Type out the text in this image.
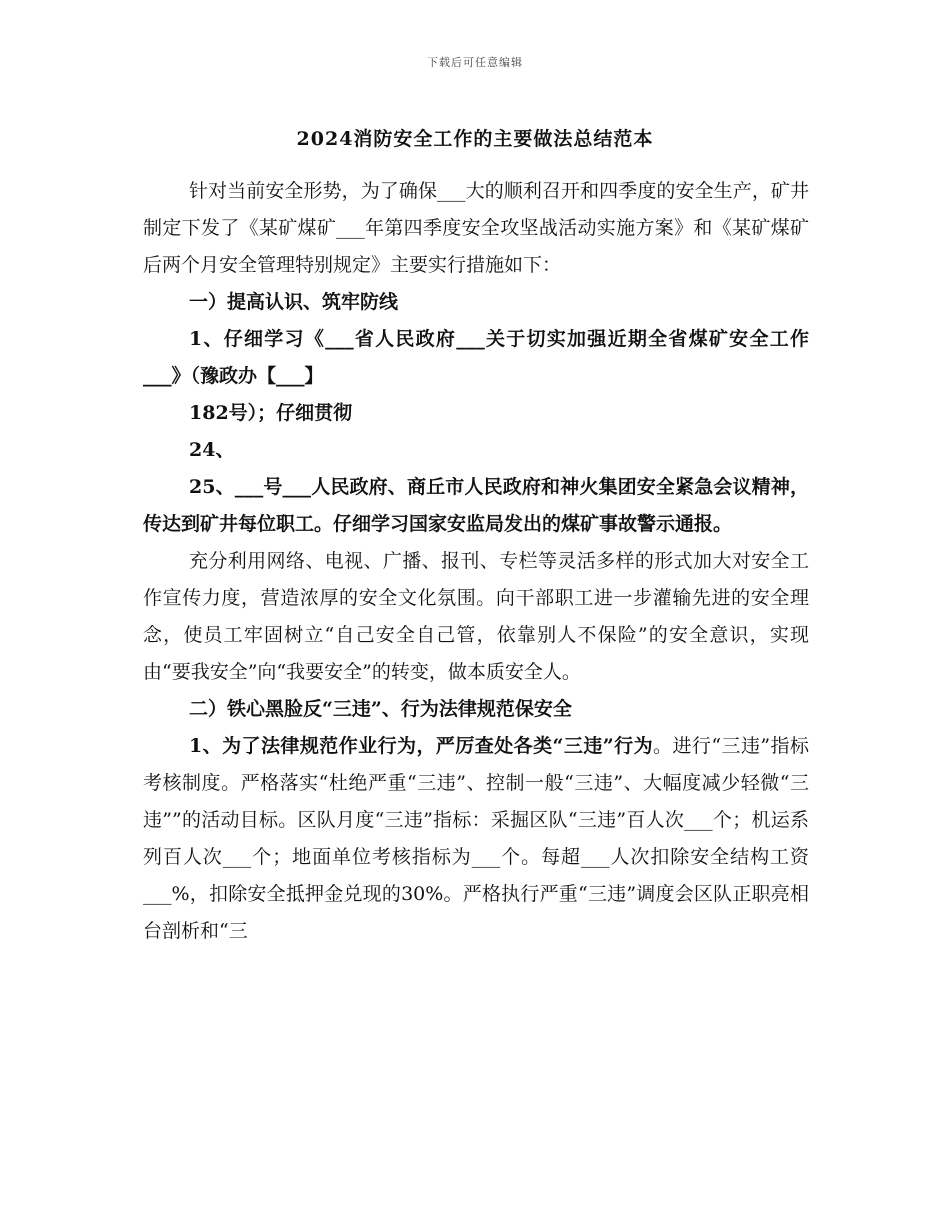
下载后可任意编辑
2024消防安全工作的主要做法总结范本

针对当前安全形势，为了确保___大的顺利召开和四季度的安全生产，矿井制定下发了《某矿煤矿___年第四季度安全攻坚战活动实施方案》和《某矿煤矿后两个月安全管理特别规定》主要实行措施如下：

一）提高认识、筑牢防线

1、仔细学习《___省人民政府___关于切实加强近期全省煤矿安全工作___》（豫政办【___】

182号）；仔细贯彻

24、

25、___号___人民政府、商丘市人民政府和神火集团安全紧急会议精神，传达到矿井每位职工。仔细学习国家安监局发出的煤矿事故警示通报。

充分利用网络、电视、广播、报刊、专栏等灵活多样的形式加大对安全工作宣传力度，营造浓厚的安全文化氛围。向干部职工进一步灌输先进的安全理念，使员工牢固树立“自己安全自己管，依靠别人不保险”的安全意识，实现由“要我安全”向“我要安全”的转变，做本质安全人。

二）铁心黑脸反“三违”、行为法律规范保安全

1、为了法律规范作业行为，严厉查处各类“三违”行为。进行“三违”指标考核制度。严格落实“杜绝严重“三违”、控制一般“三违”、大幅度减少轻微“三违””的活动目标。区队月度“三违”指标：采掘区队“三违”百人次___个；机运系列百人次___个；地面单位考核指标为___个。每超___人次扣除安全结构工资___%，扣除安全抵押金兑现的30%。严格执行严重“三违”调度会区队正职亮相台剖析和“三
